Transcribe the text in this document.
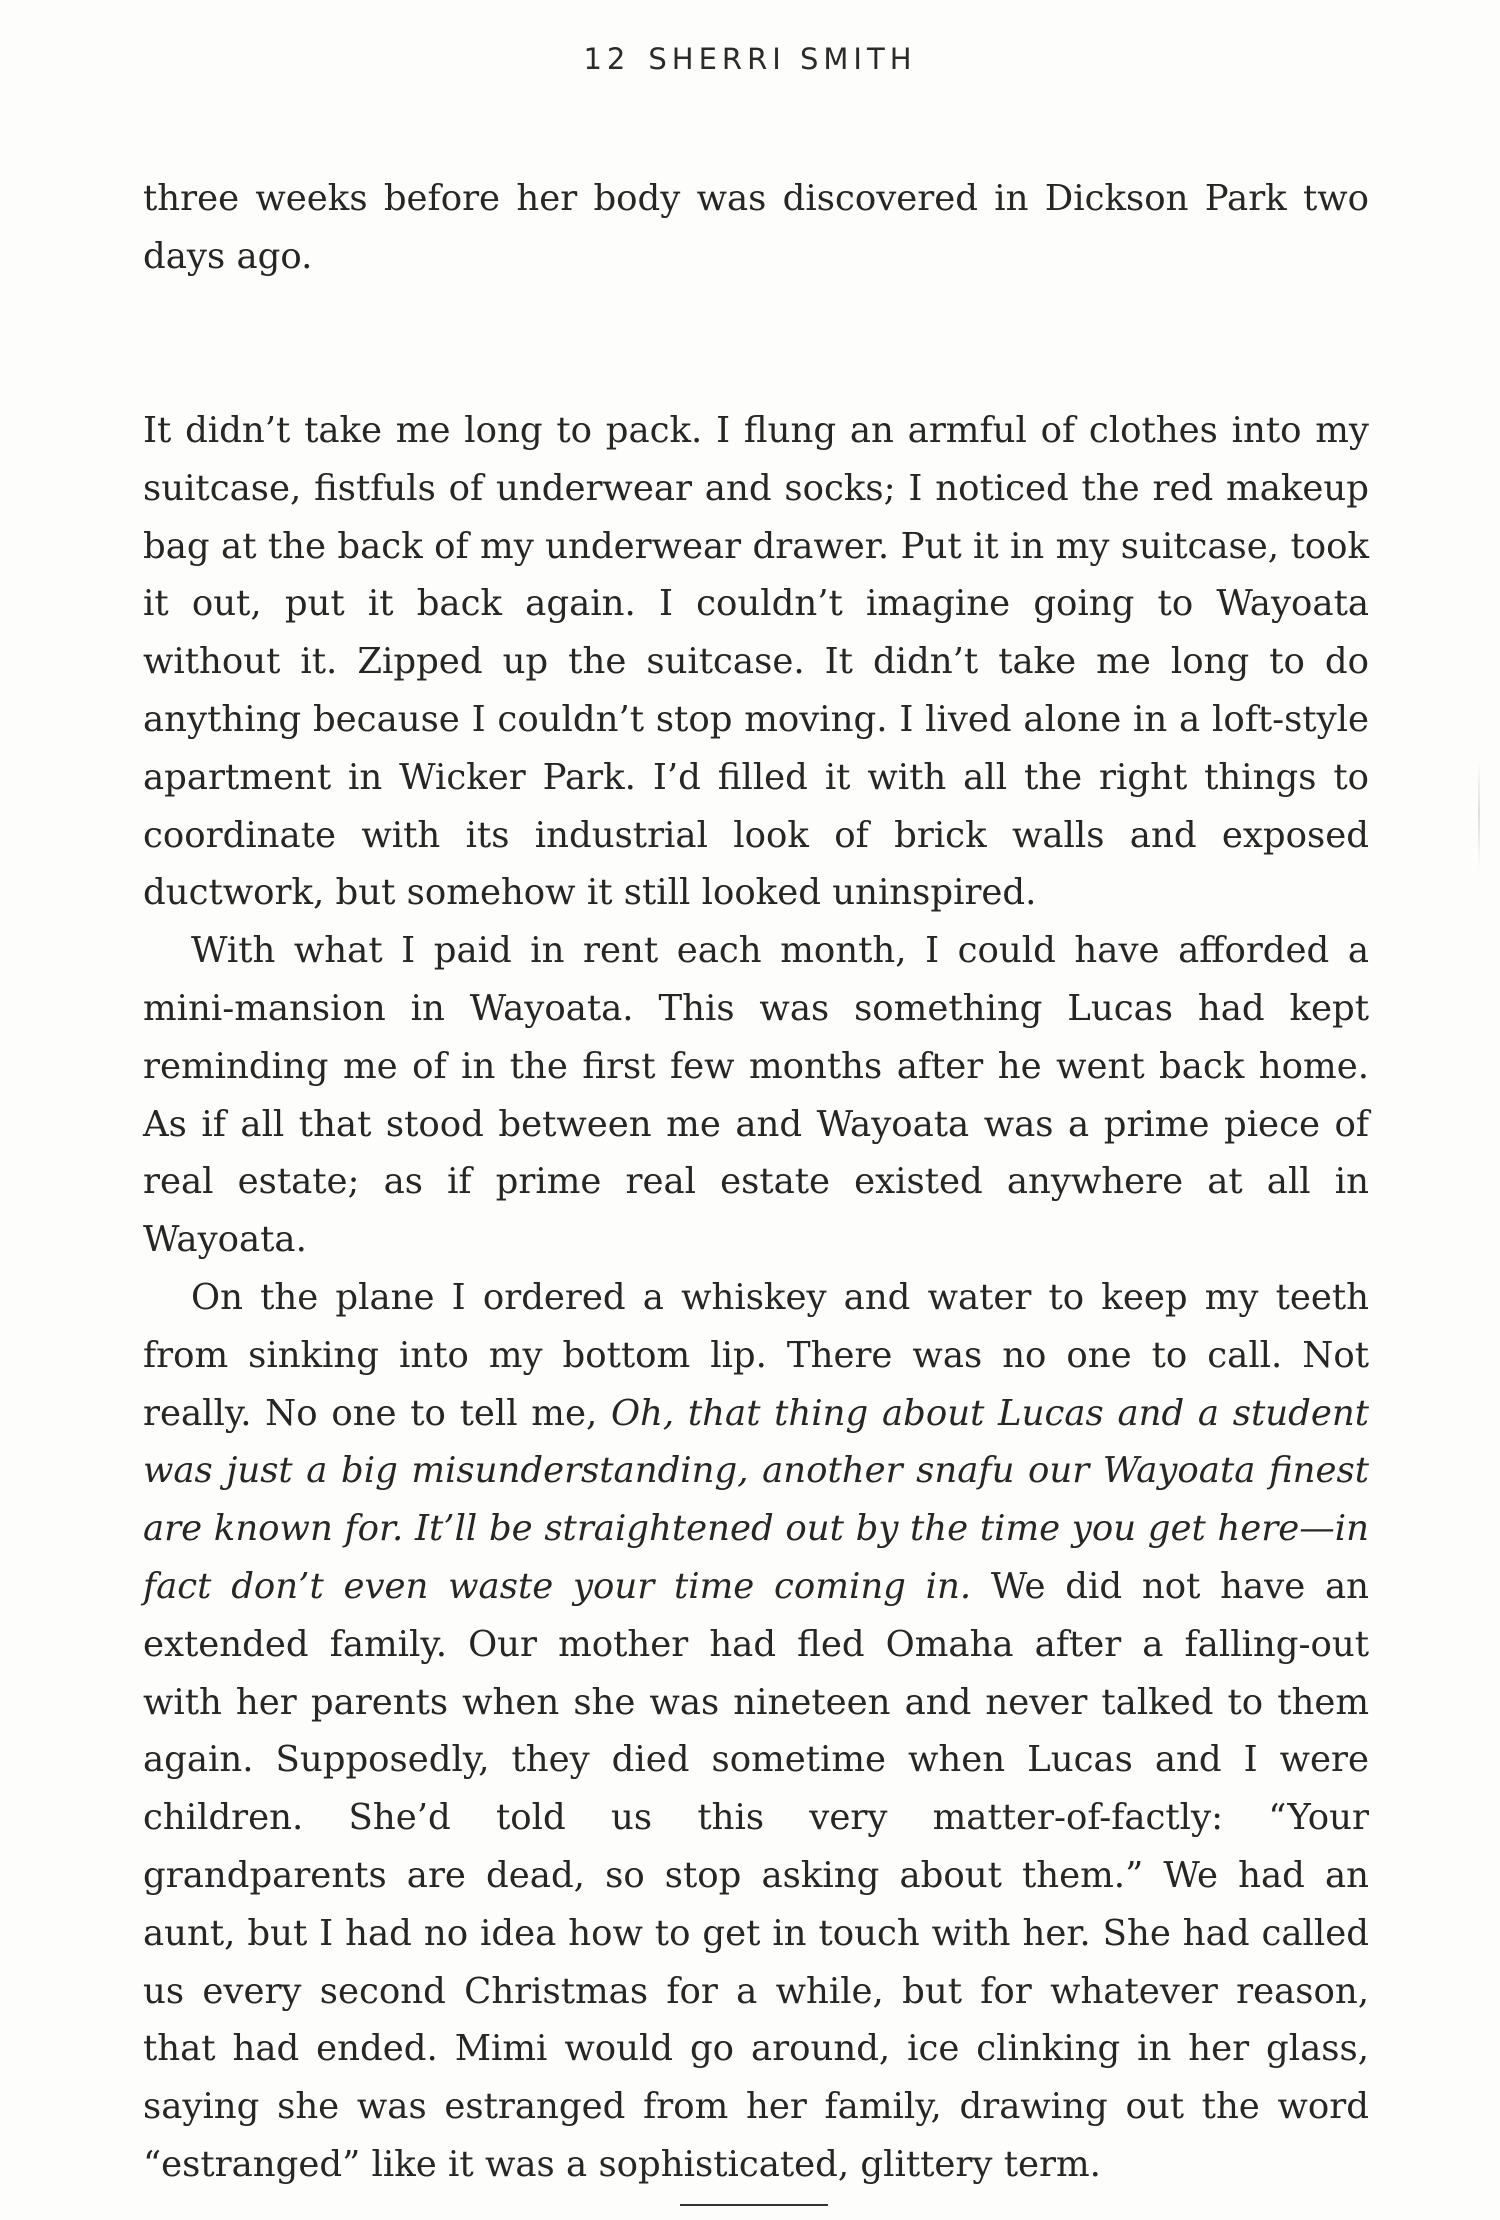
12 SHERRI SMITH

three weeks before her body was discovered in Dickson Park two days ago.

It didn’t take me long to pack. I flung an armful of clothes into my suitcase, fistfuls of underwear and socks; I noticed the red makeup bag at the back of my underwear drawer. Put it in my suitcase, took it out, put it back again. I couldn’t imagine going to Wayoata without it. Zipped up the suitcase. It didn’t take me long to do anything because I couldn’t stop moving. I lived alone in a loft-style apartment in Wicker Park. I’d filled it with all the right things to coordinate with its industrial look of brick walls and exposed ductwork, but somehow it still looked uninspired.

With what I paid in rent each month, I could have afforded a mini-mansion in Wayoata. This was something Lucas had kept reminding me of in the first few months after he went back home. As if all that stood between me and Wayoata was a prime piece of real estate; as if prime real estate existed anywhere at all in Wayoata.

On the plane I ordered a whiskey and water to keep my teeth from sinking into my bottom lip. There was no one to call. Not really. No one to tell me, Oh, that thing about Lucas and a student was just a big misunderstanding, another snafu our Wayoata finest are known for. It’ll be straightened out by the time you get here—in fact don’t even waste your time coming in. We did not have an extended family. Our mother had fled Omaha after a falling-out with her parents when she was nineteen and never talked to them again. Supposedly, they died sometime when Lucas and I were children. She’d told us this very matter-of-factly: “Your grandparents are dead, so stop asking about them.” We had an aunt, but I had no idea how to get in touch with her. She had called us every second Christmas for a while, but for whatever reason, that had ended. Mimi would go around, ice clinking in her glass, saying she was estranged from her family, drawing out the word “estranged” like it was a sophisticated, glittery term.
